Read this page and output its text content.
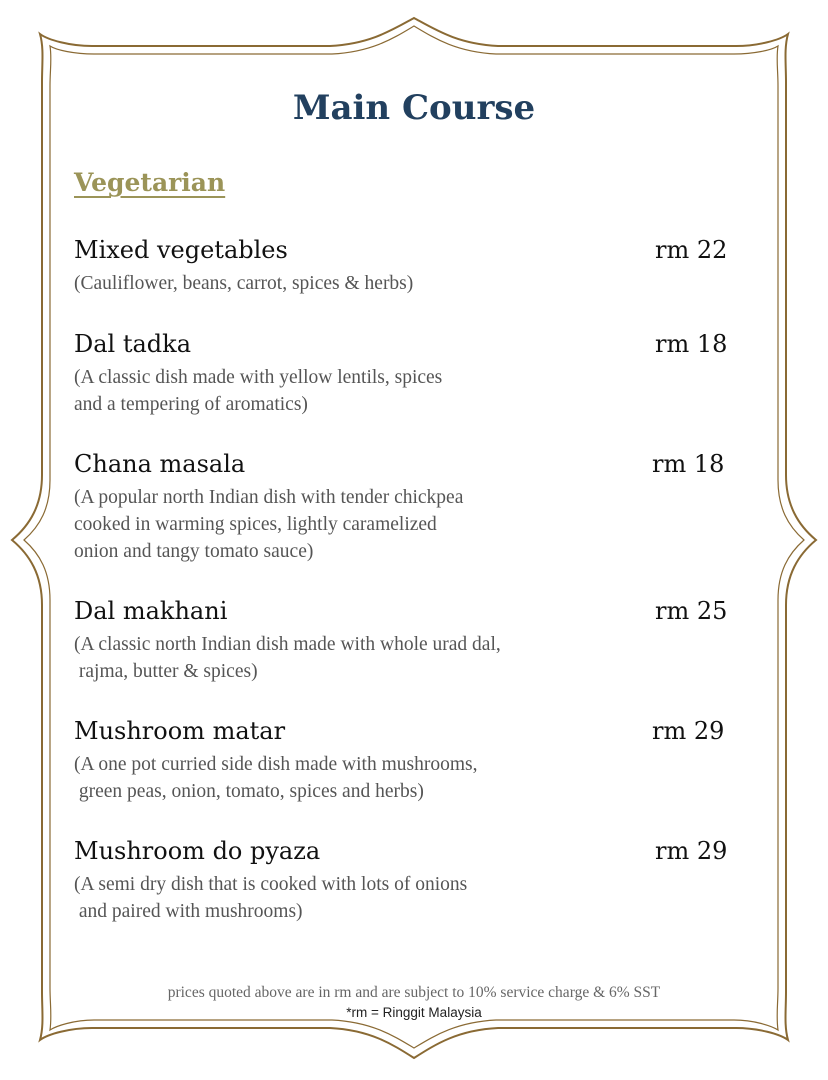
Main Course
Vegetarian
Mixed vegetables	rm 22
(Cauliflower, beans, carrot, spices & herbs)
Dal tadka	rm 18
(A classic dish made with yellow lentils, spices
and a tempering of aromatics)
Chana masala	rm 18
(A popular north Indian dish with tender chickpea
cooked in warming spices, lightly caramelized
onion and tangy tomato sauce)
Dal makhani	rm 25
(A classic north Indian dish made with whole urad dal,
rajma, butter & spices)
Mushroom matar	rm 29
(A one pot curried side dish made with mushrooms,
green peas, onion, tomato, spices and herbs)
Mushroom do pyaza	rm 29
(A semi dry dish that is cooked with lots of onions
and paired with mushrooms)

prices quoted above are in rm and are subject to 10% service charge & 6% SST

*rm = Ringgit Malaysia
